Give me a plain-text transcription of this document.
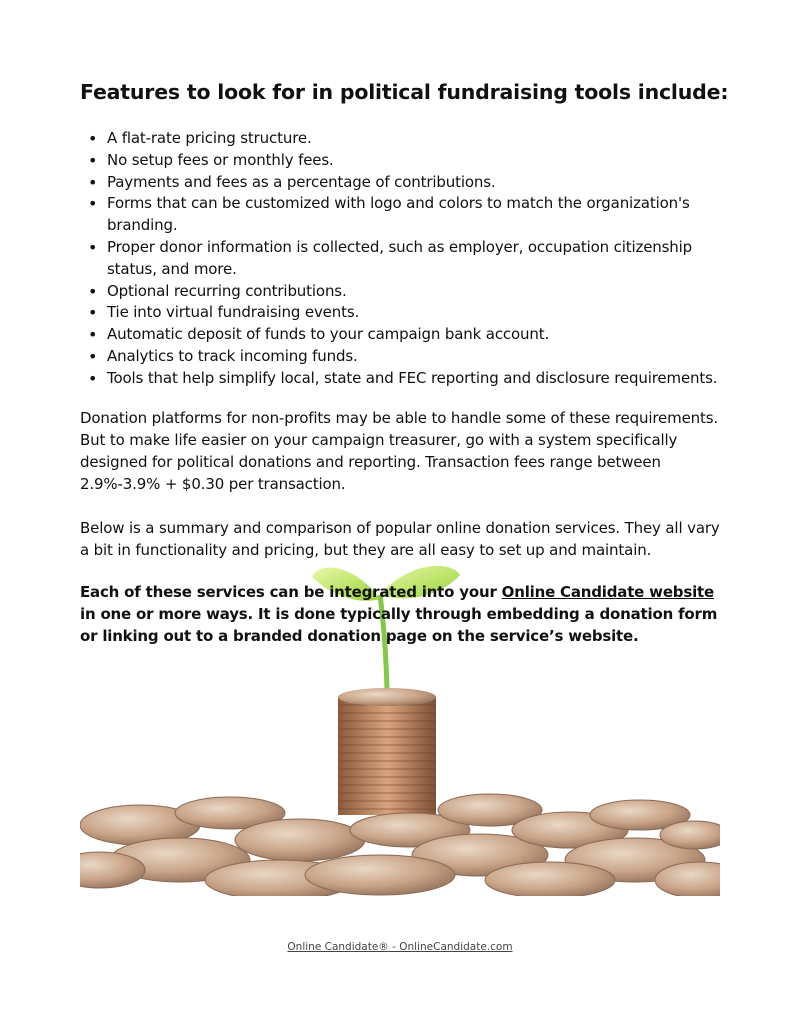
Features to look for in political fundraising tools include:
• A flat-rate pricing structure.
• No setup fees or monthly fees.
• Payments and fees as a percentage of contributions.
• Forms that can be customized with logo and colors to match the organization's branding.
• Proper donor information is collected, such as employer, occupation citizenship status, and more.
• Optional recurring contributions.
• Tie into virtual fundraising events.
• Automatic deposit of funds to your campaign bank account.
• Analytics to track incoming funds.
• Tools that help simplify local, state and FEC reporting and disclosure requirements.

Donation platforms for non-profits may be able to handle some of these requirements. But to make life easier on your campaign treasurer, go with a system specifically designed for political donations and reporting. Transaction fees range between 2.9%-3.9% + $0.30 per transaction.

Below is a summary and comparison of popular online donation services. They all vary a bit in functionality and pricing, but they are all easy to set up and maintain.

Each of these services can be integrated into your Online Candidate website in one or more ways. It is done typically through embedding a donation form or linking out to a branded donation page on the service’s website.

Online Candidate® - OnlineCandidate.com
